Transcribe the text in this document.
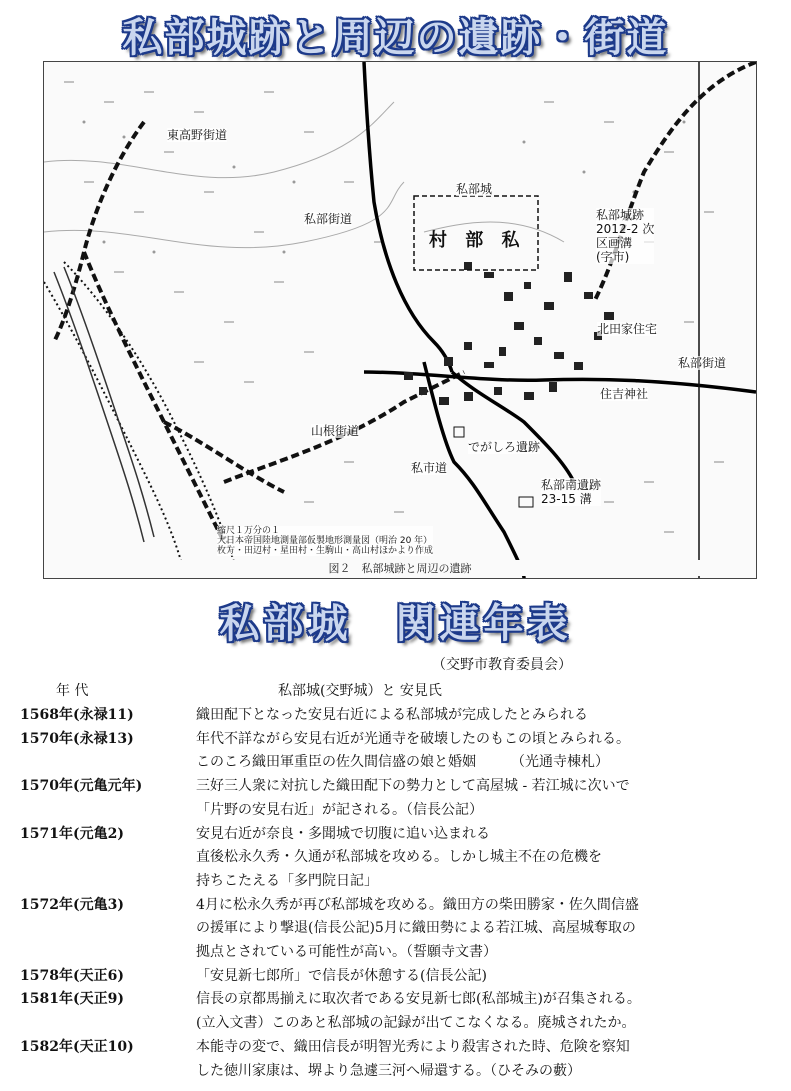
私部城跡と周辺の遺跡・街道
東高野街道
私部城
私部街道	私部城跡
2012-2 次
区画溝
(字市)
村 部 私
北田家住宅
私部街道
住吉神社
山根街道
でがしろ遺跡
私市道
私部南遺跡
23-15 溝
縮尺１万分の１
大日本帝国陸地測量部仮製地形測量図（明治 20 年）
枚方・田辺村・星田村・生駒山・高山村ほかより作成
図２　私部城跡と周辺の遺跡
私部城　関連年表
（交野市教育委員会）
年 代	私部城(交野城）と 安見氏
1568年(永禄11)	織田配下となった安見右近による私部城が完成したとみられる
1570年(永禄13)	年代不詳ながら安見右近が光通寺を破壊したのもこの頃とみられる。
このころ織田軍重臣の佐久間信盛の娘と婚姻　　　（光通寺棟札）
1570年(元亀元年)	三好三人衆に対抗した織田配下の勢力として高屋城 - 若江城に次いで
「片野の安見右近」が記される。（信長公記）
1571年(元亀2)	安見右近が奈良・多聞城で切腹に追い込まれる
直後松永久秀・久通が私部城を攻める。しかし城主不在の危機を
持ちこたえる「多門院日記」
1572年(元亀3)	4月に松永久秀が再び私部城を攻める。織田方の柴田勝家・佐久間信盛
の援軍により撃退(信長公記)5月に織田勢による若江城、高屋城奪取の
拠点とされている可能性が高い。（誓願寺文書）
1578年(天正6)	「安見新七郎所」で信長が休憩する(信長公記)
1581年(天正9)	信長の京都馬揃えに取次者である安見新七郎(私部城主)が召集される。
(立入文書）このあと私部城の記録が出てこなくなる。廃城されたか。
1582年(天正10)	本能寺の変で、織田信長が明智光秀により殺害された時、危険を察知
した徳川家康は、堺より急遽三河へ帰還する。（ひそみの藪）
